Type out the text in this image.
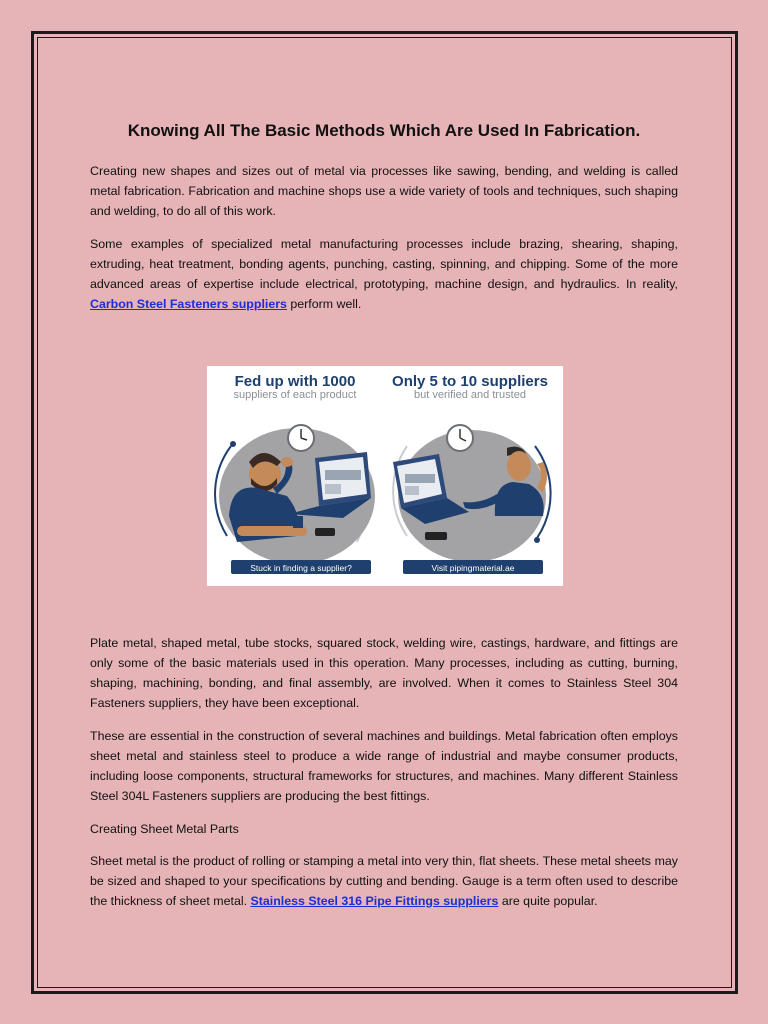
Knowing All The Basic Methods Which Are Used In Fabrication.

Creating new shapes and sizes out of metal via processes like sawing, bending, and welding is called metal fabrication. Fabrication and machine shops use a wide variety of tools and techniques, such shaping and welding, to do all of this work.

Some examples of specialized metal manufacturing processes include brazing, shearing, shaping, extruding, heat treatment, bonding agents, punching, casting, spinning, and chipping. Some of the more advanced areas of expertise include electrical, prototyping, machine design, and hydraulics. In reality, Carbon Steel Fasteners suppliers perform well.

Fed up with 1000
suppliers of each product
Only 5 to 10 suppliers
but verified and trusted
Stuck in finding a supplier?	Visit pipingmaterial.ae

Plate metal, shaped metal, tube stocks, squared stock, welding wire, castings, hardware, and fittings are only some of the basic materials used in this operation. Many processes, including as cutting, burning, shaping, machining, bonding, and final assembly, are involved. When it comes to Stainless Steel 304 Fasteners suppliers, they have been exceptional.

These are essential in the construction of several machines and buildings. Metal fabrication often employs sheet metal and stainless steel to produce a wide range of industrial and maybe consumer products, including loose components, structural frameworks for structures, and machines. Many different Stainless Steel 304L Fasteners suppliers are producing the best fittings.

Creating Sheet Metal Parts

Sheet metal is the product of rolling or stamping a metal into very thin, flat sheets. These metal sheets may be sized and shaped to your specifications by cutting and bending. Gauge is a term often used to describe the thickness of sheet metal. Stainless Steel 316 Pipe Fittings suppliers are quite popular.
